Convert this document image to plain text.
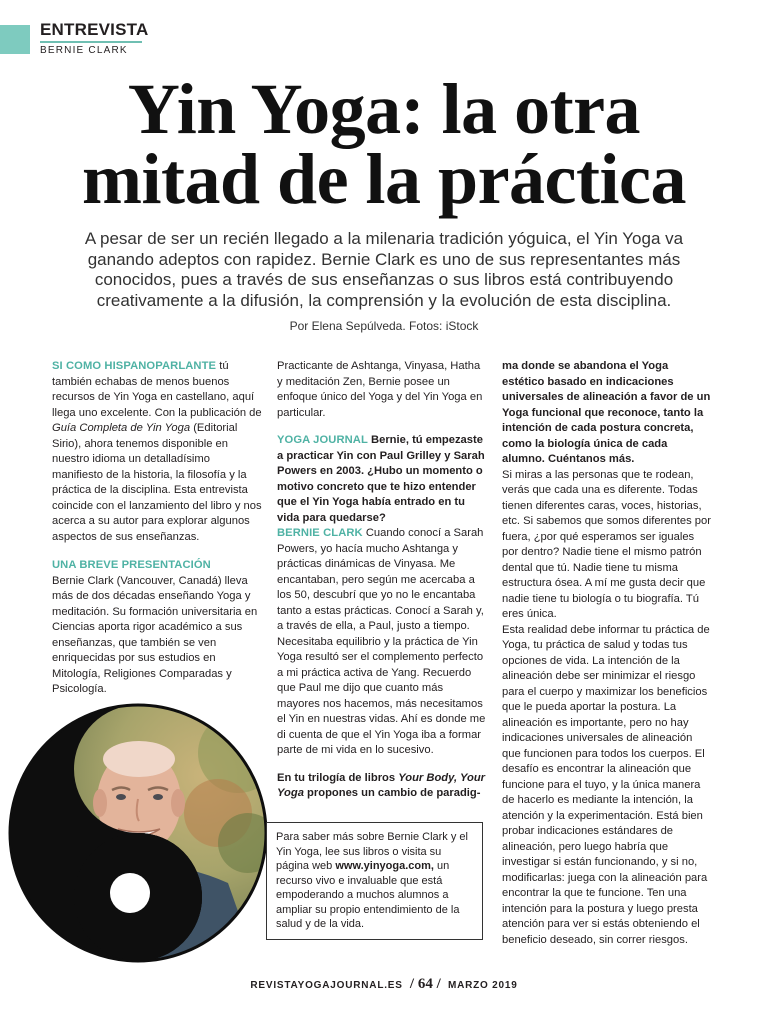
ENTREVISTA
BERNIE CLARK
Yin Yoga: la otra
mitad de la práctica
A pesar de ser un recién llegado a la milenaria tradición yóguica, el Yin Yoga va ganando adeptos con rapidez. Bernie Clark es uno de sus representantes más conocidos, pues a través de sus enseñanzas o sus libros está contribuyendo creativamente a la difusión, la comprensión y la evolución de esta disciplina.
Por Elena Sepúlveda. Fotos: iStock

SI COMO HISPANOPARLANTE tú también echabas de menos buenos recursos de Yin Yoga en castellano, aquí llega uno excelente. Con la publicación de Guía Completa de Yin Yoga (Editorial Sirio), ahora tenemos disponible en nuestro idioma un detalladísimo manifiesto de la historia, la filosofía y la práctica de la disciplina. Esta entrevista coincide con el lanzamiento del libro y nos acerca a su autor para explorar algunos aspectos de sus enseñanzas.

UNA BREVE PRESENTACIÓN

Bernie Clark (Vancouver, Canadá) lleva más de dos décadas enseñando Yoga y meditación. Su formación universitaria en Ciencias aporta rigor académico a sus enseñanzas, que también se ven enriquecidas por sus estudios en Mitología, Religiones Comparadas y Psicología.

Practicante de Ashtanga, Vinyasa, Hatha y meditación Zen, Bernie posee un enfoque único del Yoga y del Yin Yoga en particular.

YOGA JOURNAL Bernie, tú empezaste a practicar Yin con Paul Grilley y Sarah Powers en 2003. ¿Hubo un momento o motivo concreto que te hizo entender que el Yin Yoga había entrado en tu vida para quedarse?

BERNIE CLARK Cuando conocí a Sarah Powers, yo hacía mucho Ashtanga y prácticas dinámicas de Vinyasa. Me encantaban, pero según me acercaba a los 50, descubrí que yo no le encantaba tanto a estas prácticas. Conocí a Sarah y, a través de ella, a Paul, justo a tiempo. Necesitaba equilibrio y la práctica de Yin Yoga resultó ser el complemento perfecto a mi práctica activa de Yang. Recuerdo que Paul me dijo que cuanto más mayores nos hacemos, más necesitamos el Yin en nuestras vidas. Ahí es donde me di cuenta de que el Yin Yoga iba a formar parte de mi vida en lo sucesivo.

En tu trilogía de libros Your Body, Your Yoga propones un cambio de paradig-

ma donde se abandona el Yoga estético basado en indicaciones universales de alineación a favor de un Yoga funcional que reconoce, tanto la intención de cada postura concreta, como la biología única de cada alumno. Cuéntanos más.

Si miras a las personas que te rodean, verás que cada una es diferente. Todas tienen diferentes caras, voces, historias, etc. Si sabemos que somos diferentes por fuera, ¿por qué esperamos ser iguales por dentro? Nadie tiene el mismo patrón dental que tú. Nadie tiene tu misma estructura ósea. A mí me gusta decir que nadie tiene tu biología o tu biografía. Tú eres única.

Esta realidad debe informar tu práctica de Yoga, tu práctica de salud y todas tus opciones de vida. La intención de la alineación debe ser minimizar el riesgo para el cuerpo y maximizar los beneficios que le pueda aportar la postura. La alineación es importante, pero no hay indicaciones universales de alineación que funcionen para todos los cuerpos. El desafío es encontrar la alineación que funcione para el tuyo, y la única manera de hacerlo es mediante la intención, la atención y la experimentación. Está bien probar indicaciones estándares de alineación, pero luego habría que investigar si están funcionando, y si no, modificarlas: juega con la alineación para encontrar la que te funcione. Ten una intención para la postura y luego presta atención para ver si estás obteniendo el beneficio deseado, sin correr riesgos.

Para saber más sobre Bernie Clark y el Yin Yoga, lee sus libros o visita su página web www.yinyoga.com, un recurso vivo e invaluable que está empoderando a muchos alumnos a ampliar su propio entendimiento de la salud y de la vida.
REVISTAYOGAJOURNAL.ES / 64 / MARZO 2019
